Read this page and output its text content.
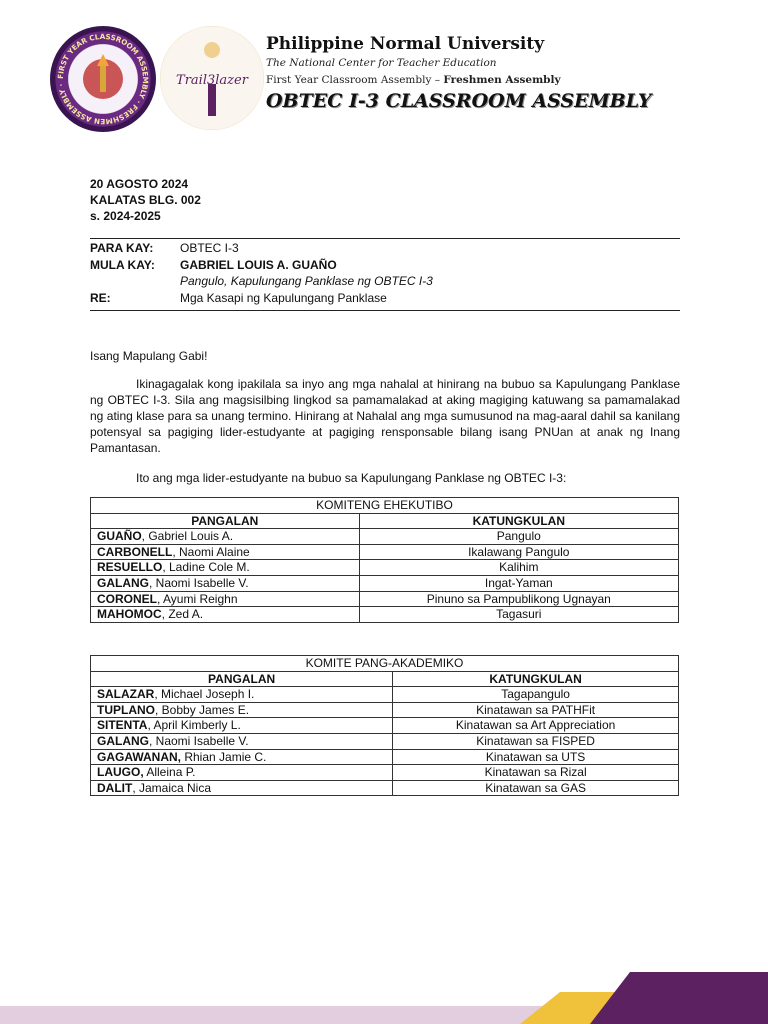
FIRST YEAR CLASSROOM ASSEMBLY · FRESHMEN ASSEMBLY ·	Trail3lazer
Philippine Normal University
The National Center for Teacher Education
First Year Classroom Assembly – Freshmen Assembly
OBTEC I-3 CLASSROOM ASSEMBLY
20 AGOSTO 2024
KALATAS BLG. 002
s. 2024-2025
PARA KAY:	OBTEC I-3
MULA KAY:	GABRIEL LOUIS A. GUAÑO
Pangulo, Kapulungang Panklase ng OBTEC I-3
RE:	Mga Kasapi ng Kapulungang Panklase
Isang Mapulang Gabi!

Ikinagagalak kong ipakilala sa inyo ang mga nahalal at hinirang na bubuo sa Kapulungang Panklase ng OBTEC I-3. Sila ang magsisilbing lingkod sa pamamalakad at aking magiging katuwang sa pamamalakad ng ating klase para sa unang termino. Hinirang at Nahalal ang mga sumusunod na mag-aaral dahil sa kanilang potensyal sa pagiging lider-estudyante at pagiging rensponsable bilang isang PNUan at anak ng Inang Pamantasan.

Ito ang mga lider-estudyante na bubuo sa Kapulungang Panklase ng OBTEC I-3:

KOMITENG EHEKUTIBO	
PANGALAN	KATUNGKULAN
GUAÑO, Gabriel Louis A.	Pangulo
CARBONELL, Naomi Alaine	Ikalawang Pangulo
RESUELLO, Ladine Cole M.	Kalihim
GALANG, Naomi Isabelle V.	Ingat-Yaman
CORONEL, Ayumi Reighn	Pinuno sa Pampublikong Ugnayan
MAHOMOC, Zed A.	Tagasuri
KOMITE PANG-AKADEMIKO	
PANGALAN	KATUNGKULAN
SALAZAR, Michael Joseph I.	Tagapangulo
TUPLANO, Bobby James E.	Kinatawan sa PATHFit
SITENTA, April Kimberly L.	Kinatawan sa Art Appreciation
GALANG, Naomi Isabelle V.	Kinatawan sa FISPED
GAGAWANAN, Rhian Jamie C.	Kinatawan sa UTS
LAUGO, Alleina P.	Kinatawan sa Rizal
DALIT, Jamaica Nica	Kinatawan sa GAS
